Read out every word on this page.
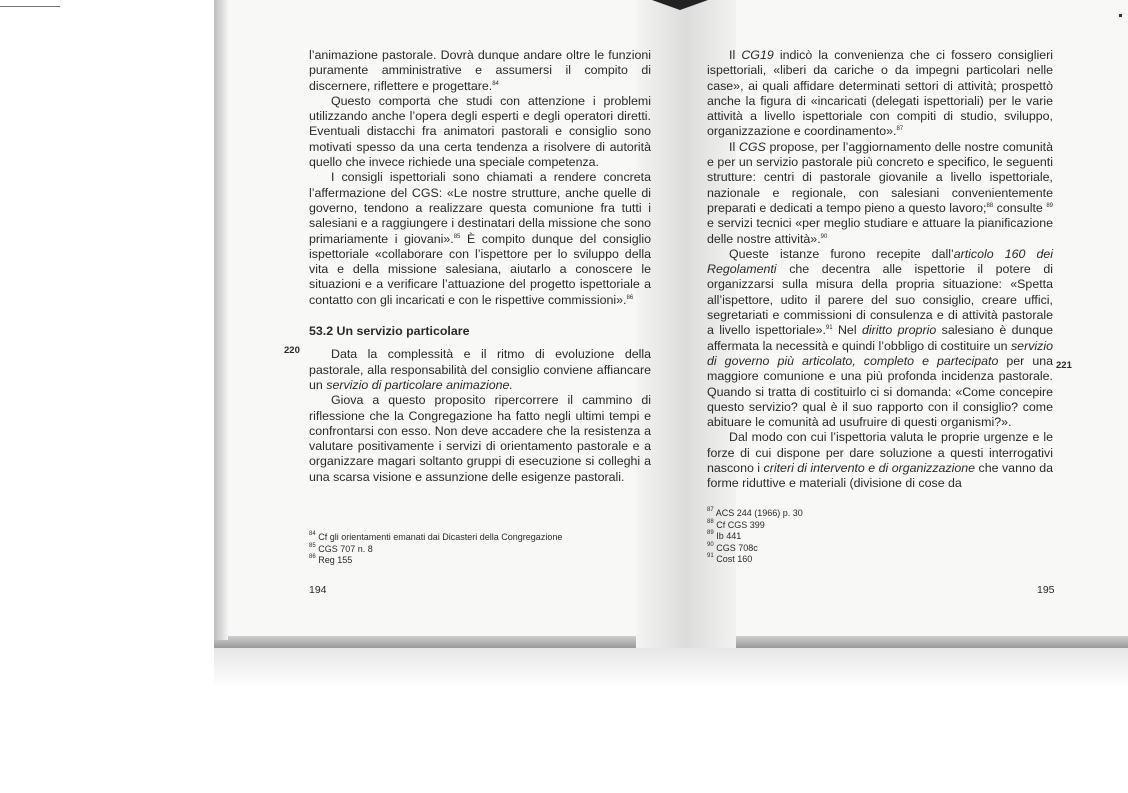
l’animazione pastorale. Dovrà dunque andare oltre le funzioni puramente amministrative e assumersi il compito di discernere, riflettere e progettare.$^{84}$

Questo comporta che studi con attenzione i problemi utilizzando anche l’opera degli esperti e degli operatori diretti. Eventuali distacchi fra animatori pastorali e consiglio sono motivati spesso da una certa tendenza a risolvere di autorità quello che invece richiede una speciale competenza.

I consigli ispettoriali sono chiamati a rendere concreta l’affermazione del CGS: «Le nostre strutture, anche quelle di governo, tendono a realizzare questa comunione fra tutti i salesiani e a raggiungere i destinatari della missione che sono primariamente i giovani».$^{85}$ È compito dunque del consiglio ispettoriale «collaborare con l’ispettore per lo sviluppo della vita e della missione salesiana, aiutarlo a conoscere le situazioni e a verificare l’attuazione del progetto ispettoriale a contatto con gli incaricati e con le rispettive commissioni».$^{86}$

53.2 Un servizio particolare

Data la complessità e il ritmo di evoluzione della pastorale, alla responsabilità del consiglio conviene affiancare un servizio di particolare animazione.

Giova a questo proposito ripercorrere il cammino di riflessione che la Congregazione ha fatto negli ultimi tempi e confrontarsi con esso. Non deve accadere che la resistenza a valutare positivamente i servizi di orientamento pastorale e a organizzare magari soltanto gruppi di esecuzione si colleghi a una scarsa visione e assunzione delle esigenze pastorali.

220
$^{84}$ Cf gli orientamenti emanati dai Dicasteri della Congregazione
$^{85}$ CGS 707 n. 8
$^{86}$ Reg 155
194

Il CG19 indicò la convenienza che ci fossero consiglieri ispettoriali, «liberi da cariche o da impegni particolari nelle case», ai quali affidare determinati settori di attività; prospettò anche la figura di «incaricati (delegati ispettoriali) per le varie attività a livello ispettoriale con compiti di studio, sviluppo, organizzazione e coordinamento».$^{87}$

Il CGS propose, per l’aggiornamento delle nostre comunità e per un servizio pastorale più concreto e specifico, le seguenti strutture: centri di pastorale giovanile a livello ispettoriale, nazionale e regionale, con salesiani convenientemente preparati e dedicati a tempo pieno a questo lavoro;$^{88}$ consulte $^{89}$ e servizi tecnici «per meglio studiare e attuare la pianificazione delle nostre attività».$^{90}$

Queste istanze furono recepite dall’articolo 160 dei Regolamenti che decentra alle ispettorie il potere di organizzarsi sulla misura della propria situazione: «Spetta all’ispettore, udito il parere del suo consiglio, creare uffici, segretariati e commissioni di consulenza e di attività pastorale a livello ispettoriale».$^{91}$ Nel diritto proprio salesiano è dunque affermata la necessità e quindi l’obbligo di costituire un servizio di governo più articolato, completo e partecipato per una maggiore comunione e una più profonda incidenza pastorale. Quando si tratta di costituirlo ci si domanda: «Come concepire questo servizio? qual è il suo rapporto con il consiglio? come abituare le comunità ad usufruire di questi organismi?».

Dal modo con cui l’ispettoria valuta le proprie urgenze e le forze di cui dispone per dare soluzione a questi interrogativi nascono i criteri di intervento e di organizzazione che vanno da forme riduttive e materiali (divisione di cose da

221
$^{87}$ ACS 244 (1966) p. 30
$^{88}$ Cf CGS 399
$^{89}$ Ib 441
$^{90}$ CGS 708c
$^{91}$ Cost 160
195
